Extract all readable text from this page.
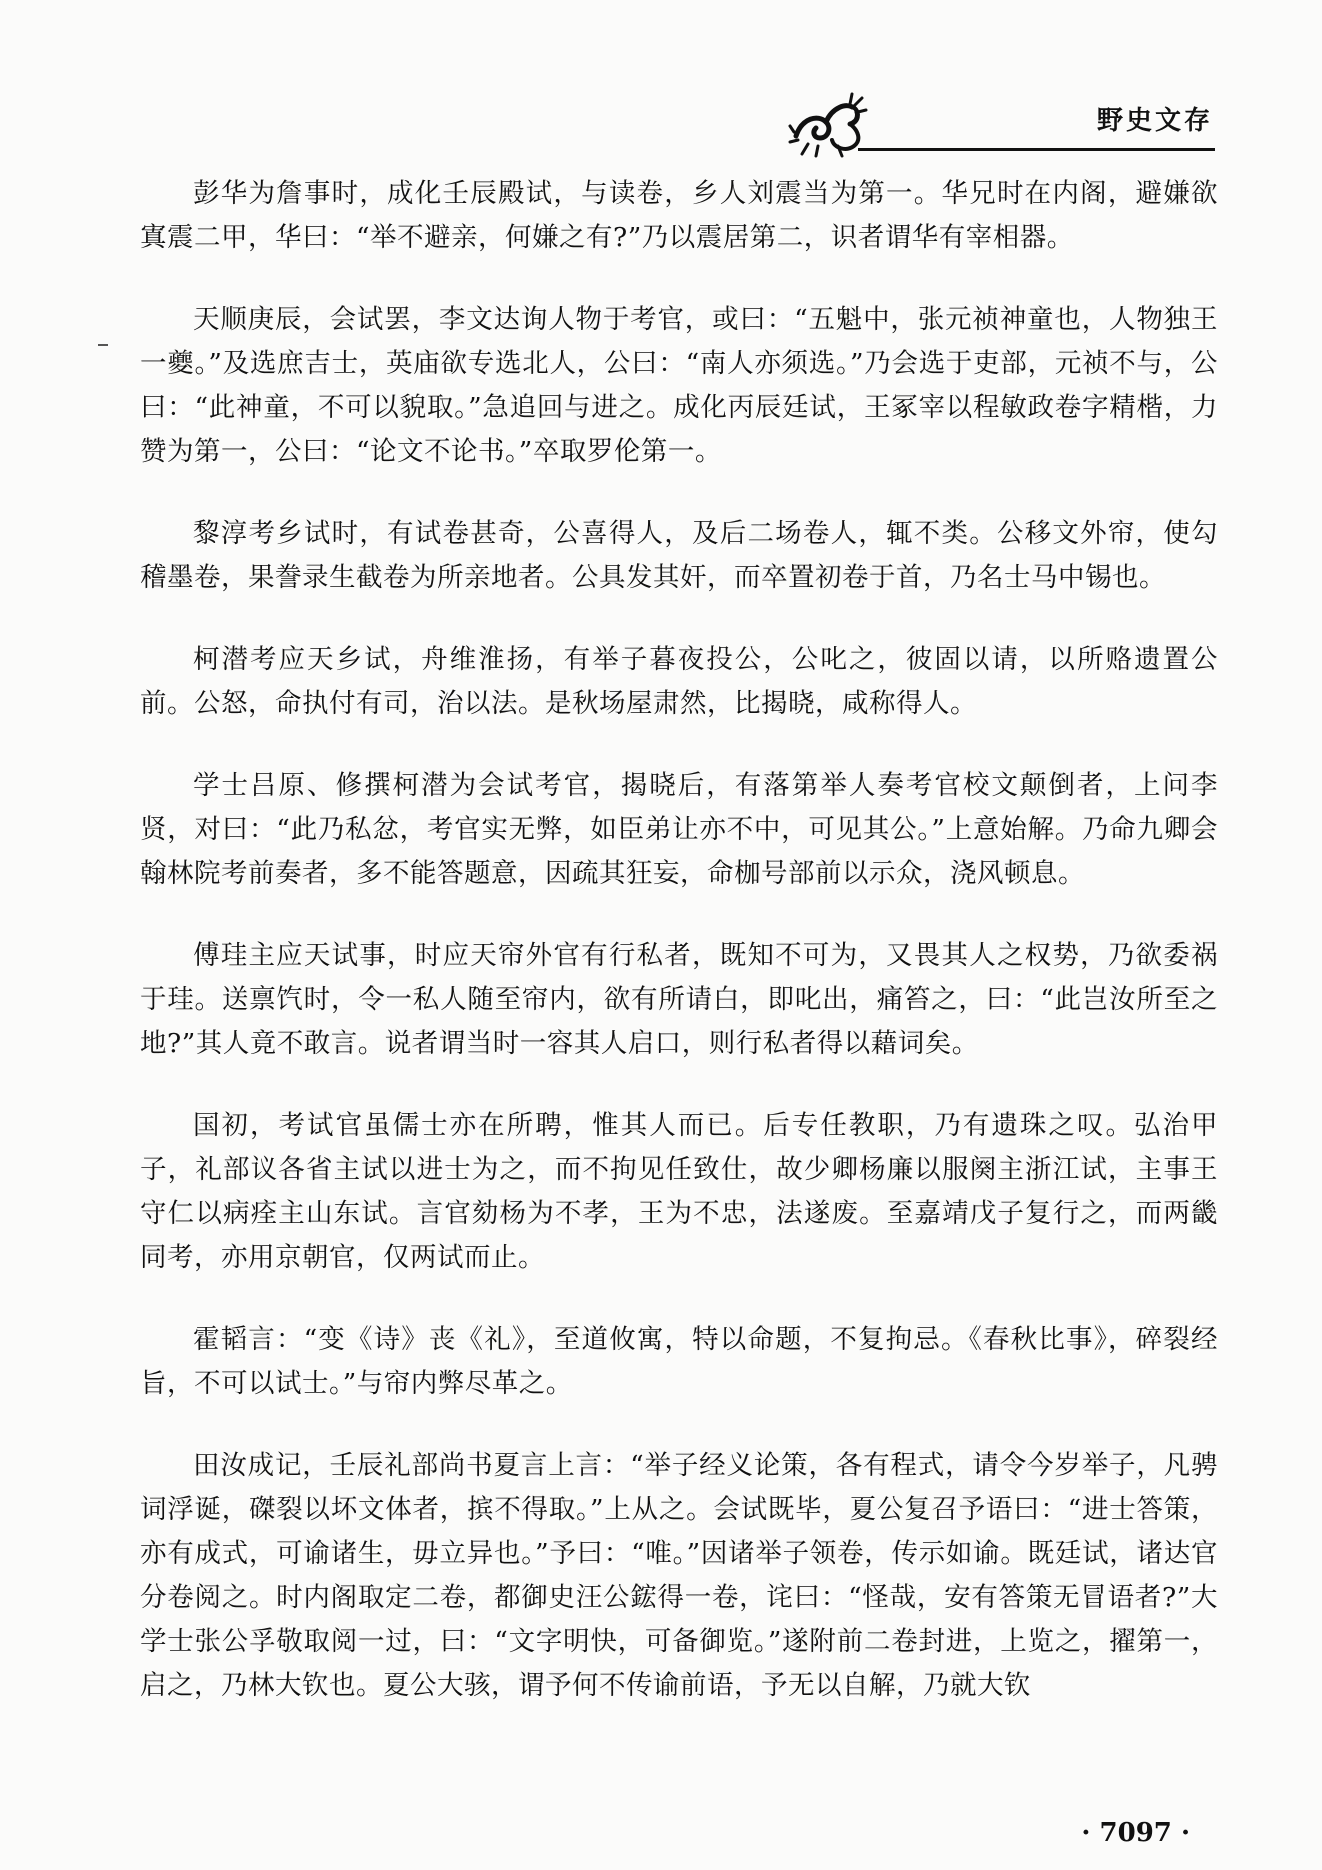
野史文存

彭华为詹事时，成化壬辰殿试，与读卷，乡人刘震当为第一。华兄时在内阁，避嫌欲寘震二甲，华曰：“举不避亲，何嫌之有?”乃以震居第二，识者谓华有宰相器。

天顺庚辰，会试罢，李文达询人物于考官，或曰：“五魁中，张元祯神童也，人物独王一夔。”及选庶吉士，英庙欲专选北人，公曰：“南人亦须选。”乃会选于吏部，元祯不与，公曰：“此神童，不可以貌取。”急追回与进之。成化丙辰廷试，王冢宰以程敏政卷字精楷，力赞为第一，公曰：“论文不论书。”卒取罗伦第一。

黎淳考乡试时，有试卷甚奇，公喜得人，及后二场卷人，辄不类。公移文外帘，使勾稽墨卷，果誊录生截卷为所亲地者。公具发其奸，而卒置初卷于首，乃名士马中锡也。

柯潜考应天乡试，舟维淮扬，有举子暮夜投公，公叱之，彼固以请，以所赂遗置公前。公怒，命执付有司，治以法。是秋场屋肃然，比揭晓，咸称得人。

学士吕原、修撰柯潜为会试考官，揭晓后，有落第举人奏考官校文颠倒者，上问李贤，对曰：“此乃私忿，考官实无弊，如臣弟让亦不中，可见其公。”上意始解。乃命九卿会翰林院考前奏者，多不能答题意，因疏其狂妄，命枷号部前以示众，浇风顿息。

傅珪主应天试事，时应天帘外官有行私者，既知不可为，又畏其人之权势，乃欲委祸于珪。送禀饩时，令一私人随至帘内，欲有所请白，即叱出，痛笞之，曰：“此岂汝所至之地?”其人竟不敢言。说者谓当时一容其人启口，则行私者得以藉词矣。

国初，考试官虽儒士亦在所聘，惟其人而已。后专任教职，乃有遗珠之叹。弘治甲子，礼部议各省主试以进士为之，而不拘见任致仕，故少卿杨廉以服阕主浙江试，主事王守仁以病痊主山东试。言官劾杨为不孝，王为不忠，法遂废。至嘉靖戊子复行之，而两畿同考，亦用京朝官，仅两试而止。

霍韬言：“变《诗》丧《礼》，至道攸寓，特以命题，不复拘忌。《春秋比事》，碎裂经旨，不可以试士。”与帘内弊尽革之。

田汝成记，壬辰礼部尚书夏言上言：“举子经义论策，各有程式，请令今岁举子，凡骋词浮诞，磔裂以坏文体者，摈不得取。”上从之。会试既毕，夏公复召予语曰：“进士答策，亦有成式，可谕诸生，毋立异也。”予曰：“唯。”因诸举子领卷，传示如谕。既廷试，诸达官分卷阅之。时内阁取定二卷，都御史汪公鋐得一卷，诧曰：“怪哉，安有答策无冒语者?”大学士张公孚敬取阅一过，曰：“文字明快，可备御览。”遂附前二卷封进，上览之，擢第一，启之，乃林大钦也。夏公大骇，谓予何不传谕前语，予无以自解，乃就大钦

· 7097 ·
